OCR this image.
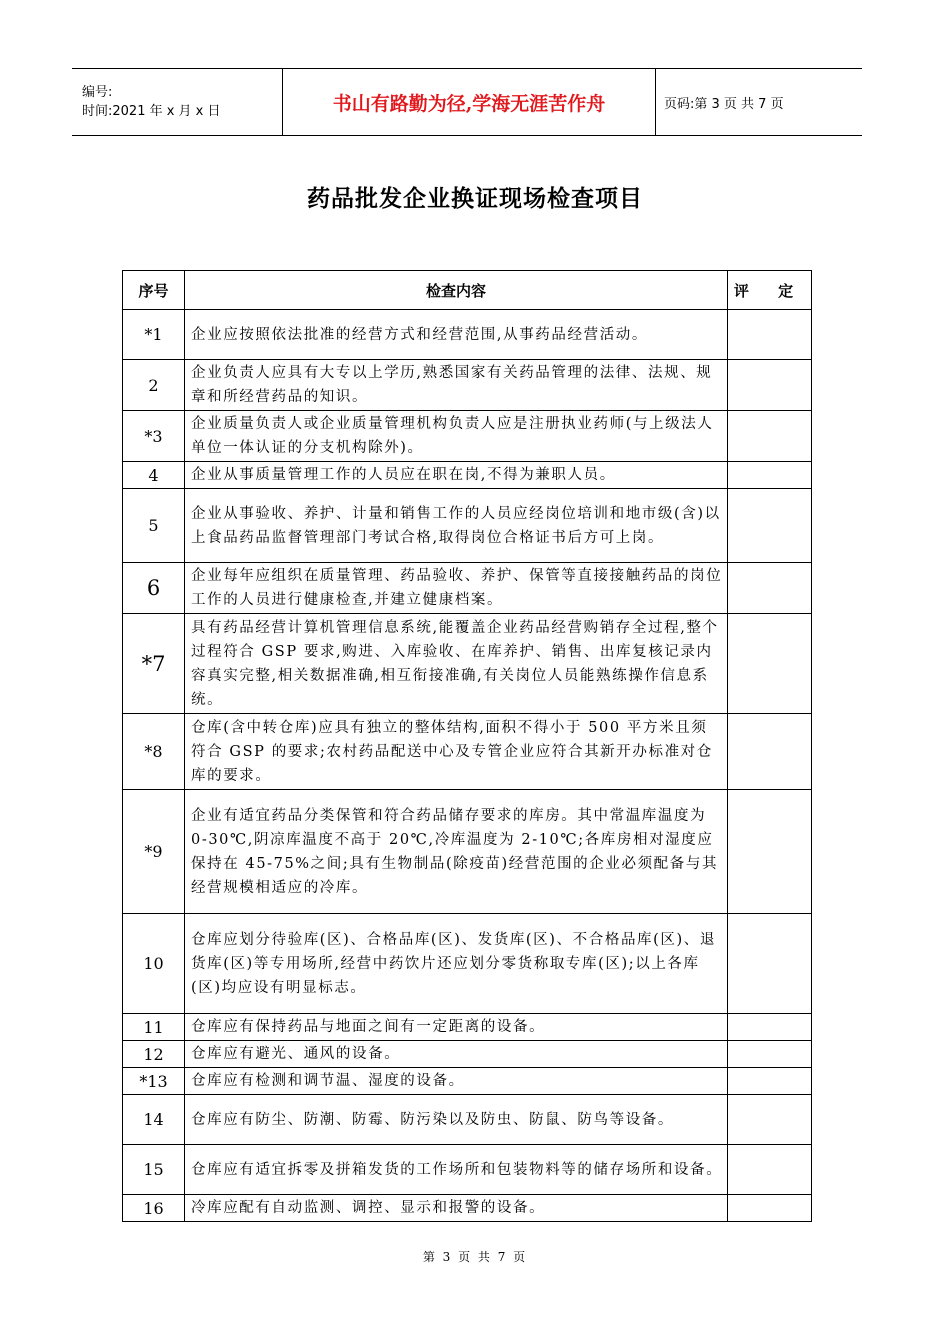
编号:
时间:2021 年 x 月 x 日	书山有路勤为径,学海无涯苦作舟	页码:第 3 页 共 7 页
药品批发企业换证现场检查项目
序号	检查内容	评 定
*1	企业应按照依法批准的经营方式和经营范围,从事药品经营活动。	
2	企业负责人应具有大专以上学历,熟悉国家有关药品管理的法律、法规、规章和所经营药品的知识。	
*3	企业质量负责人或企业质量管理机构负责人应是注册执业药师(与上级法人单位一体认证的分支机构除外)。	
4	企业从事质量管理工作的人员应在职在岗,不得为兼职人员。	
5	企业从事验收、养护、计量和销售工作的人员应经岗位培训和地市级(含)以上食品药品监督管理部门考试合格,取得岗位合格证书后方可上岗。	
6	企业每年应组织在质量管理、药品验收、养护、保管等直接接触药品的岗位工作的人员进行健康检查,并建立健康档案。	
*7	具有药品经营计算机管理信息系统,能覆盖企业药品经营购销存全过程,整个过程符合 GSP 要求,购进、入库验收、在库养护、销售、出库复核记录内容真实完整,相关数据准确,相互衔接准确,有关岗位人员能熟练操作信息系统。	
*8	仓库(含中转仓库)应具有独立的整体结构,面积不得小于 500 平方米且须符合 GSP 的要求;农村药品配送中心及专管企业应符合其新开办标准对仓库的要求。	
*9	企业有适宜药品分类保管和符合药品储存要求的库房。其中常温库温度为 0-30℃,阴凉库温度不高于 20℃,冷库温度为 2-10℃;各库房相对湿度应保持在 45-75%之间;具有生物制品(除疫苗)经营范围的企业必须配备与其经营规模相适应的冷库。	
10	仓库应划分待验库(区)、合格品库(区)、发货库(区)、不合格品库(区)、退货库(区)等专用场所,经营中药饮片还应划分零货称取专库(区);以上各库(区)均应设有明显标志。	
11	仓库应有保持药品与地面之间有一定距离的设备。	
12	仓库应有避光、通风的设备。	
*13	仓库应有检测和调节温、湿度的设备。	
14	仓库应有防尘、防潮、防霉、防污染以及防虫、防鼠、防鸟等设备。	
15	仓库应有适宜拆零及拼箱发货的工作场所和包装物料等的储存场所和设备。	
16	冷库应配有自动监测、调控、显示和报警的设备。	
第 3 页 共 7 页
